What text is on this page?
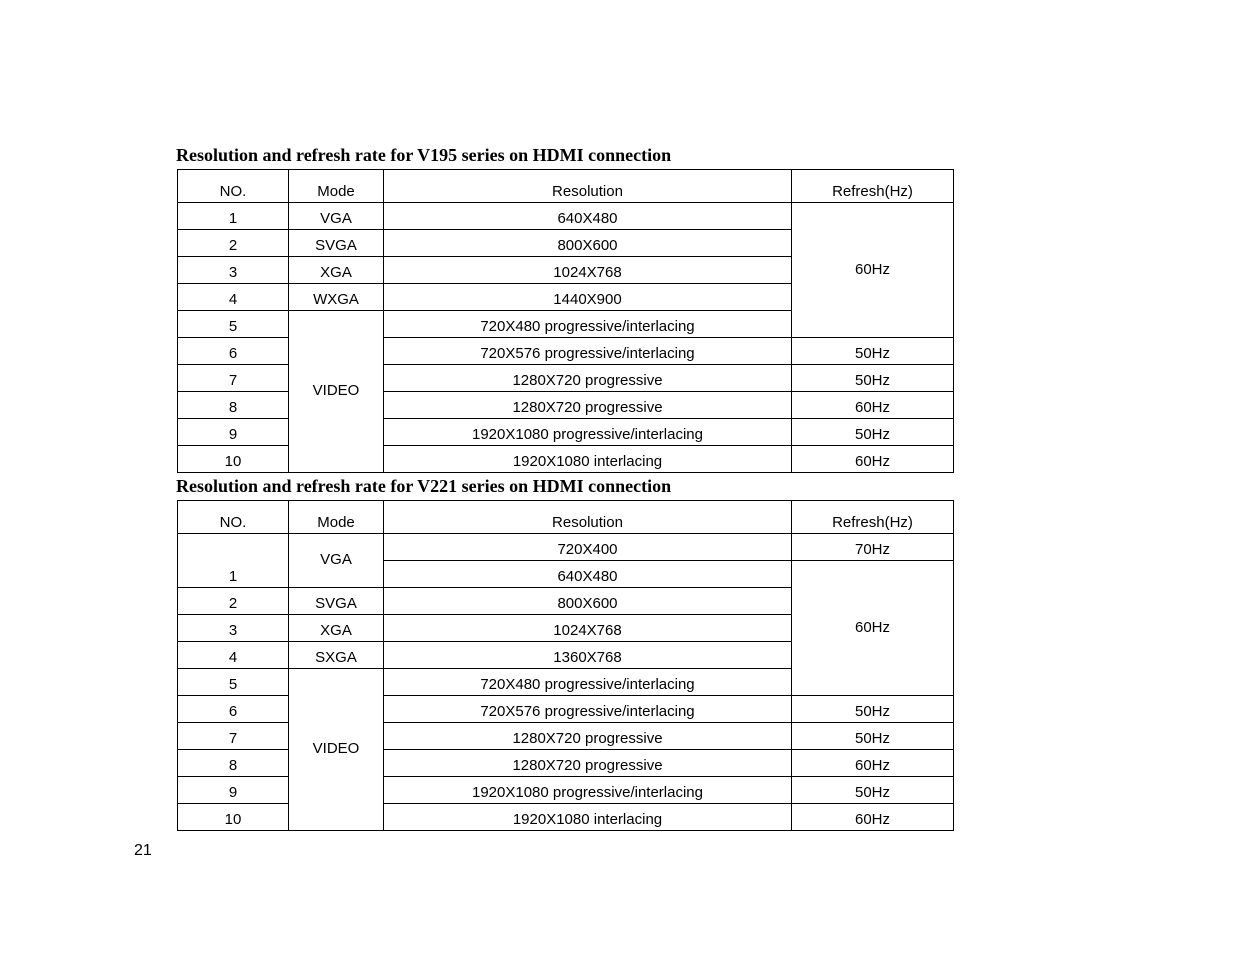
Resolution and refresh rate for V195 series on HDMI connection
NO.	Mode	Resolution	Refresh(Hz)
1	VGA	640X480	60Hz
2	SVGA	800X600	
3	XGA	1024X768	
4	WXGA	1440X900	
5	VIDEO	720X480 progressive/interlacing	
6		720X576 progressive/interlacing	50Hz
7		1280X720 progressive	50Hz
8		1280X720 progressive	60Hz
9		1920X1080 progressive/interlacing	50Hz
10		1920X1080 interlacing	60Hz
Resolution and refresh rate for V221 series on HDMI connection
NO.	Mode	Resolution	Refresh(Hz)
1	VGA	720X400	70Hz
		640X480	60Hz
2	SVGA	800X600	
3	XGA	1024X768	
4	SXGA	1360X768	
5	VIDEO	720X480 progressive/interlacing	
6		720X576 progressive/interlacing	50Hz
7		1280X720 progressive	50Hz
8		1280X720 progressive	60Hz
9		1920X1080 progressive/interlacing	50Hz
10		1920X1080 interlacing	60Hz
21
